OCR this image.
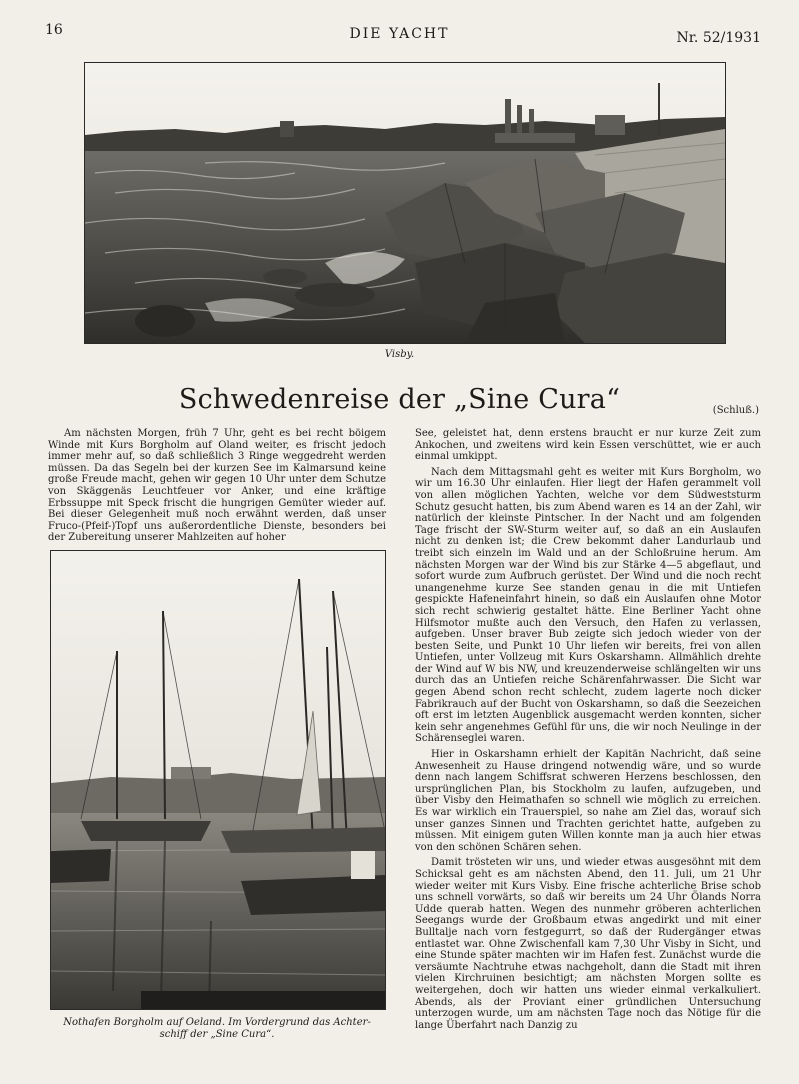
16	DIE YACHT	Nr. 52/1931
Visby.
Schwedenreise der „Sine Cura“	(Schluß.)

Am nächsten Morgen, früh 7 Uhr, geht es bei recht böigem Winde mit Kurs Borgholm auf Oland weiter, es frischt jedoch immer mehr auf, so daß schließlich 3 Ringe weggedreht werden müssen. Da das Segeln bei der kurzen See im Kalmarsund keine große Freude macht, gehen wir gegen 10 Uhr unter dem Schutze von Skäggenäs Leuchtfeuer vor Anker, und eine kräftige Erbssuppe mit Speck frischt die hungrigen Gemüter wieder auf. Bei dieser Gelegenheit muß noch erwähnt werden, daß unser Fruco-(Pfeif-)Topf uns außerordentliche Dienste, besonders bei der Zubereitung unserer Mahlzeiten auf hoher

Nothafen Borgholm auf Oeland. Im Vordergrund das Achter-
schiff der „Sine Cura“.

See, geleistet hat, denn erstens braucht er nur kurze Zeit zum Ankochen, und zweitens wird kein Essen verschüttet, wie er auch einmal umkippt.

Nach dem Mittagsmahl geht es weiter mit Kurs Borgholm, wo wir um 16.30 Uhr einlaufen. Hier liegt der Hafen gerammelt voll von allen möglichen Yachten, welche vor dem Südweststurm Schutz gesucht hatten, bis zum Abend waren es 14 an der Zahl, wir natürlich der kleinste Pintscher. In der Nacht und am folgenden Tage frischt der SW-Sturm weiter auf, so daß an ein Auslaufen nicht zu denken ist; die Crew bekommt daher Landurlaub und treibt sich einzeln im Wald und an der Schloßruine herum. Am nächsten Morgen war der Wind bis zur Stärke 4—5 abgeflaut, und sofort wurde zum Aufbruch gerüstet. Der Wind und die noch recht unangenehme kurze See standen genau in die mit Untiefen gespickte Hafeneinfahrt hinein, so daß ein Auslaufen ohne Motor sich recht schwierig gestaltet hätte. Eine Berliner Yacht ohne Hilfsmotor mußte auch den Versuch, den Hafen zu verlassen, aufgeben. Unser braver Bub zeigte sich jedoch wieder von der besten Seite, und Punkt 10 Uhr liefen wir bereits, frei von allen Untiefen, unter Vollzeug mit Kurs Oskarshamn. Allmählich drehte der Wind auf W bis NW, und kreuzenderweise schlängelten wir uns durch das an Untiefen reiche Schärenfahrwasser. Die Sicht war gegen Abend schon recht schlecht, zudem lagerte noch dicker Fabrikrauch auf der Bucht von Oskarshamn, so daß die Seezeichen oft erst im letzten Augenblick ausgemacht werden konnten, sicher kein sehr angenehmes Gefühl für uns, die wir noch Neulinge in der Schärenseglei waren.

Hier in Oskarshamn erhielt der Kapitän Nachricht, daß seine Anwesenheit zu Hause dringend notwendig wäre, und so wurde denn nach langem Schiffsrat schweren Herzens beschlossen, den ursprünglichen Plan, bis Stockholm zu laufen, aufzugeben, und über Visby den Heimathafen so schnell wie möglich zu erreichen. Es war wirklich ein Trauerspiel, so nahe am Ziel das, worauf sich unser ganzes Sinnen und Trachten gerichtet hatte, aufgeben zu müssen. Mit einigem guten Willen konnte man ja auch hier etwas von den schönen Schären sehen.

Damit trösteten wir uns, und wieder etwas ausgesöhnt mit dem Schicksal geht es am nächsten Abend, den 11. Juli, um 21 Uhr wieder weiter mit Kurs Visby. Eine frische achterliche Brise schob uns schnell vorwärts, so daß wir bereits um 24 Uhr Ölands Norra Udde querab hatten. Wegen des nunmehr gröberen achterlichen Seegangs wurde der Großbaum etwas angedirkt und mit einer Bulltalje nach vorn festgegurrt, so daß der Rudergänger etwas entlastet war. Ohne Zwischenfall kam 7,30 Uhr Visby in Sicht, und eine Stunde später machten wir im Hafen fest. Zunächst wurde die versäumte Nachtruhe etwas nachgeholt, dann die Stadt mit ihren vielen Kirchruinen besichtigt; am nächsten Morgen sollte es weitergehen, doch wir hatten uns wieder einmal verkalkuliert. Abends, als der Proviant einer gründlichen Untersuchung unterzogen wurde, um am nächsten Tage noch das Nötige für die lange Überfahrt nach Danzig zu
